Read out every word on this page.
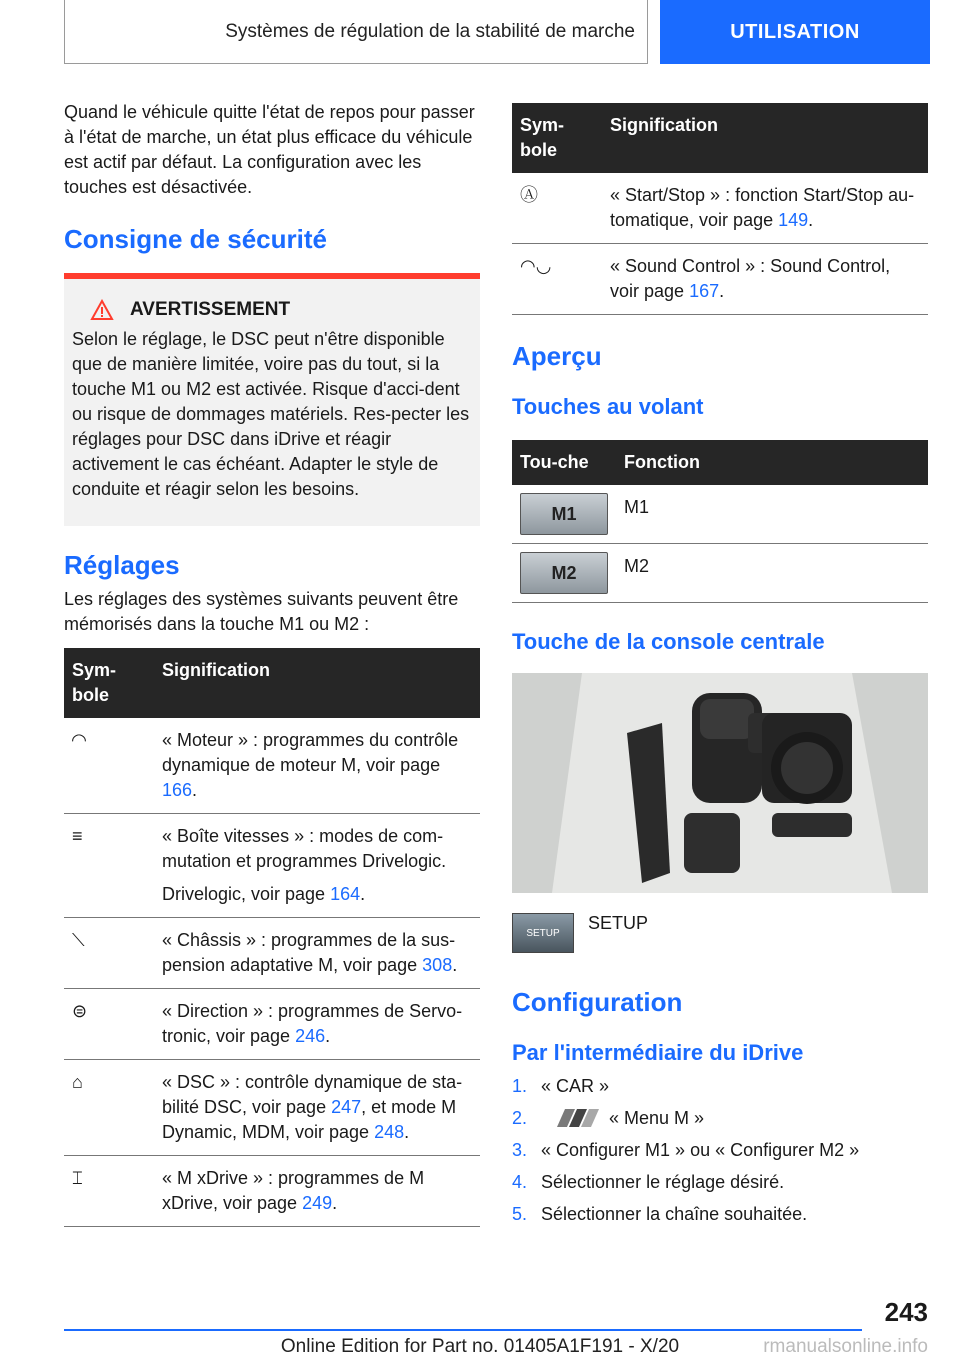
Systèmes de régulation de la stabilité de marche	UTILISATION

Quand le véhicule quitte l'état de repos pour passer à l'état de marche, un état plus efficace du véhicule est actif par défaut. La configuration avec les touches est désactivée.

Consigne de sécurité
AVERTISSEMENT

Selon le réglage, le DSC peut n'être disponible que de manière limitée, voire pas du tout, si la touche M1 ou M2 est activée. Risque d'acci-dent ou risque de dommages matériels. Res-pecter les réglages pour DSC dans iDrive et réagir activement le cas échéant. Adapter le style de conduite et réagir selon les besoins.

Réglages

Les réglages des systèmes suivants peuvent être mémorisés dans la touche M1 ou M2 :

Sym-bole	Signification
◜◝	« Moteur » : programmes du contrôle dynamique de moteur M, voir page 166.
≡	« Boîte vitesses » : modes de com-mutation et programmes Drivelogic.
Drivelogic, voir page 164.

⟍	« Châssis » : programmes de la sus-pension adaptative M, voir page 308.
⊜	« Direction » : programmes de Servo-tronic, voir page 246.
⌂	« DSC » : contrôle dynamique de sta-bilité DSC, voir page 247, et mode M Dynamic, MDM, voir page 248.
⌶	« M xDrive » : programmes de M xDrive, voir page 249.
Sym-bole	Signification
Ⓐ	« Start/Stop » : fonction Start/Stop au-tomatique, voir page 149.
◠◡	« Sound Control » : Sound Control, voir page 167.
Aperçu
Touches au volant
Tou-che	Fonction

M1	M1

M2	M2
Touche de la console centrale
SETUP SETUP
Configuration
Par l'intermédiaire du iDrive
1. « CAR »
2.	« Menu M »
3. « Configurer M1 » ou « Configurer M2 »
4. Sélectionner le réglage désiré.
5. Sélectionner la chaîne souhaitée.
243
Online Edition for Part no. 01405A1F191 - X/20	rmanualsonline.info
